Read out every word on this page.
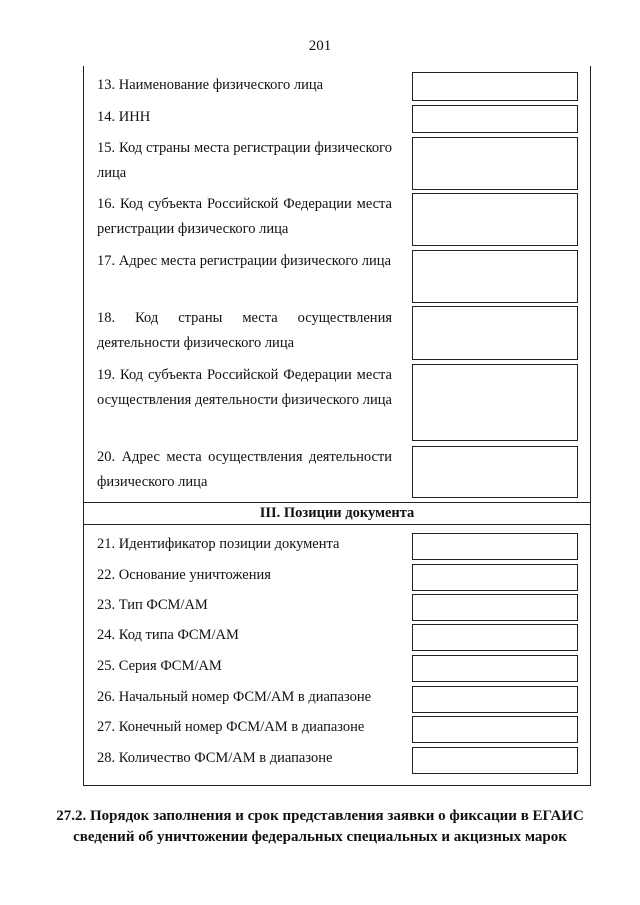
201
13. Наименование физического лица
14. ИНН
15. Код страны места регистрации физического лица
16. Код субъекта Российской Федерации места регистрации физического лица
17. Адрес места регистрации физического лица
18. Код страны места осуществления деятельности физического лица
19. Код субъекта Российской Федерации места осуществления деятельности физического лица
20. Адрес места осуществления деятельности физического лица
III. Позиции документа
21. Идентификатор позиции документа
22. Основание уничтожения
23. Тип ФСМ/АМ
24. Код типа ФСМ/АМ
25. Серия ФСМ/АМ
26. Начальный номер ФСМ/АМ в диапазоне
27. Конечный номер ФСМ/АМ в диапазоне
28. Количество ФСМ/АМ в диапазоне
27.2. Порядок заполнения и срок представления заявки о фиксации в ЕГАИС
сведений об уничтожении федеральных специальных и акцизных марок
